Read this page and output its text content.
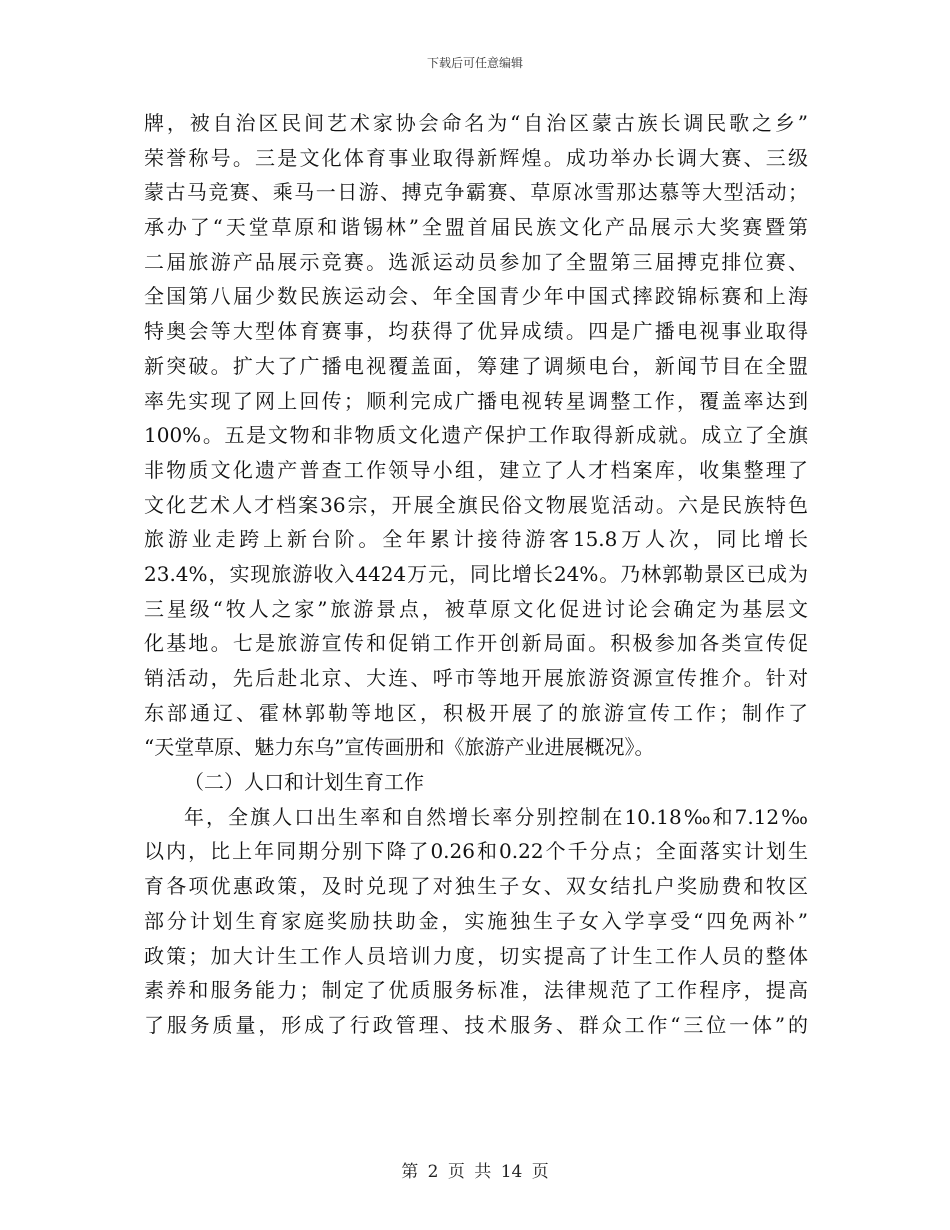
下载后可任意编辑
牌，被自治区民间艺术家协会命名为“自治区蒙古族长调民歌之乡”
荣誉称号。三是文化体育事业取得新辉煌。成功举办长调大赛、三级
蒙古马竞赛、乘马一日游、搏克争霸赛、草原冰雪那达慕等大型活动；
承办了“天堂草原和谐锡林”全盟首届民族文化产品展示大奖赛暨第
二届旅游产品展示竞赛。选派运动员参加了全盟第三届搏克排位赛、
全国第八届少数民族运动会、年全国青少年中国式摔跤锦标赛和上海
特奥会等大型体育赛事，均获得了优异成绩。四是广播电视事业取得
新突破。扩大了广播电视覆盖面，筹建了调频电台，新闻节目在全盟
率先实现了网上回传；顺利完成广播电视转星调整工作，覆盖率达到
100%。五是文物和非物质文化遗产保护工作取得新成就。成立了全旗
非物质文化遗产普查工作领导小组，建立了人才档案库，收集整理了
文化艺术人才档案36宗，开展全旗民俗文物展览活动。六是民族特色
旅游业走跨上新台阶。全年累计接待游客15.8万人次，同比增长
23.4%，实现旅游收入4424万元，同比增长24%。乃林郭勒景区已成为
三星级“牧人之家”旅游景点，被草原文化促进讨论会确定为基层文
化基地。七是旅游宣传和促销工作开创新局面。积极参加各类宣传促
销活动，先后赴北京、大连、呼市等地开展旅游资源宣传推介。针对
东部通辽、霍林郭勒等地区，积极开展了的旅游宣传工作；制作了
“天堂草原、魅力东乌”宣传画册和《旅游产业进展概况》。
（二）人口和计划生育工作
年，全旗人口出生率和自然增长率分别控制在10.18‰和7.12‰
以内，比上年同期分别下降了0.26和0.22个千分点；全面落实计划生
育各项优惠政策，及时兑现了对独生子女、双女结扎户奖励费和牧区
部分计划生育家庭奖励扶助金，实施独生子女入学享受“四免两补”
政策；加大计生工作人员培训力度，切实提高了计生工作人员的整体
素养和服务能力；制定了优质服务标准，法律规范了工作程序，提高
了服务质量，形成了行政管理、技术服务、群众工作“三位一体”的
第 2 页 共 14 页
